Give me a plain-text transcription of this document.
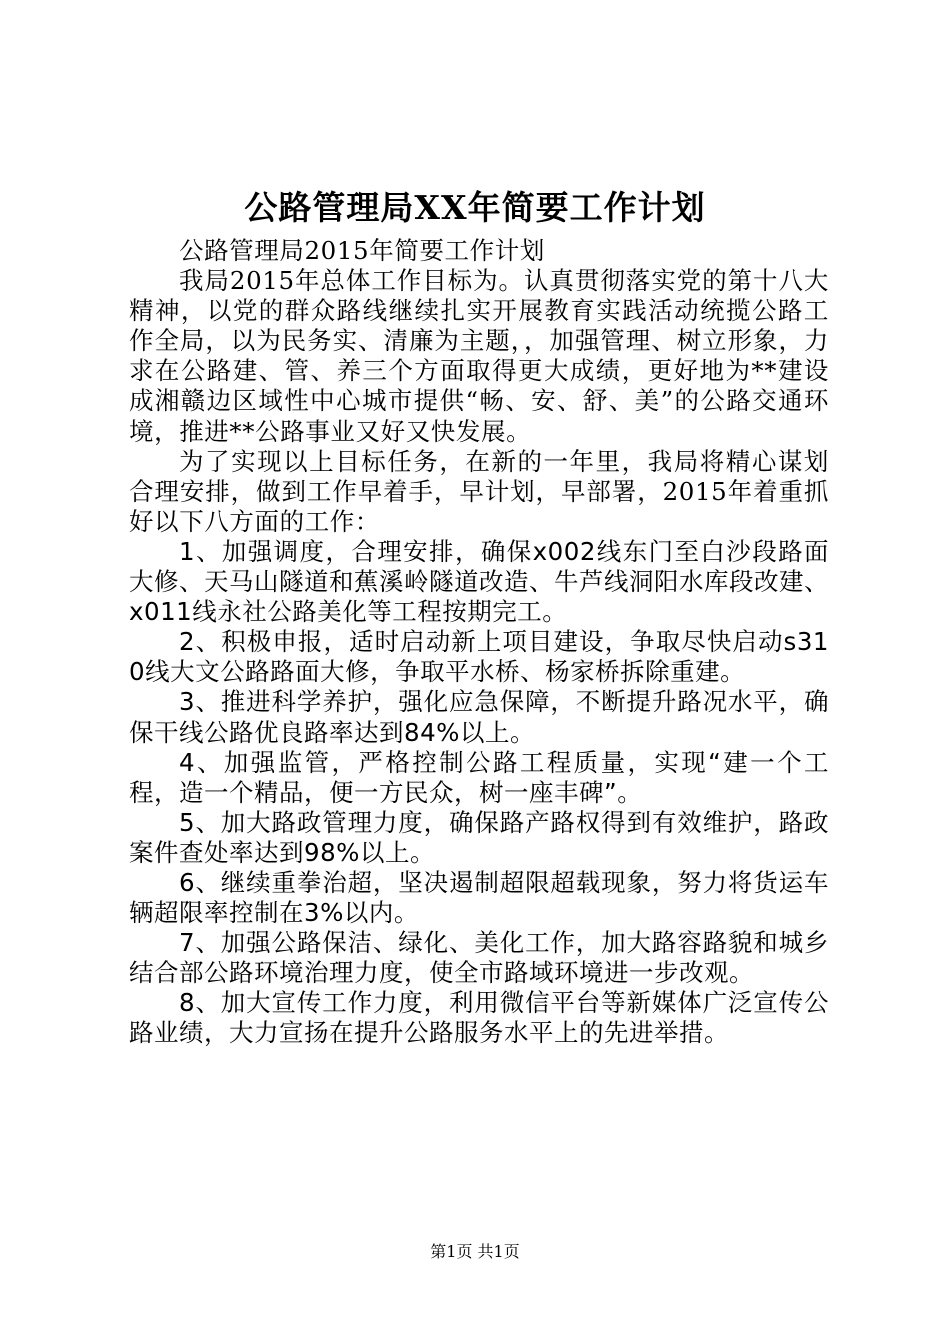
公路管理局XX年简要工作计划

公路管理局2015年简要工作计划

我局2015年总体工作目标为。认真贯彻落实党的第十八大精神，以党的群众路线继续扎实开展教育实践活动统揽公路工作全局，以为民务实、清廉为主题，，加强管理、树立形象，力求在公路建、管、养三个方面取得更大成绩，更好地为**建设成湘赣边区域性中心城市提供“畅、安、舒、美”的公路交通环境，推进**公路事业又好又快发展。

为了实现以上目标任务，在新的一年里，我局将精心谋划合理安排，做到工作早着手，早计划，早部署，2015年着重抓好以下八方面的工作：

1、加强调度，合理安排，确保x002线东门至白沙段路面大修、天马山隧道和蕉溪岭隧道改造、牛芦线洞阳水库段改建、x011线永社公路美化等工程按期完工。

2、积极申报，适时启动新上项目建设，争取尽快启动s310线大文公路路面大修，争取平水桥、杨家桥拆除重建。

3、推进科学养护，强化应急保障，不断提升路况水平，确保干线公路优良路率达到84%以上。

4、加强监管，严格控制公路工程质量，实现“建一个工程，造一个精品，便一方民众，树一座丰碑”。

5、加大路政管理力度，确保路产路权得到有效维护，路政案件查处率达到98%以上。

6、继续重拳治超，坚决遏制超限超载现象，努力将货运车辆超限率控制在3%以内。

7、加强公路保洁、绿化、美化工作，加大路容路貌和城乡结合部公路环境治理力度，使全市路域环境进一步改观。

8、加大宣传工作力度，利用微信平台等新媒体广泛宣传公路业绩，大力宣扬在提升公路服务水平上的先进举措。

第1页 共1页
